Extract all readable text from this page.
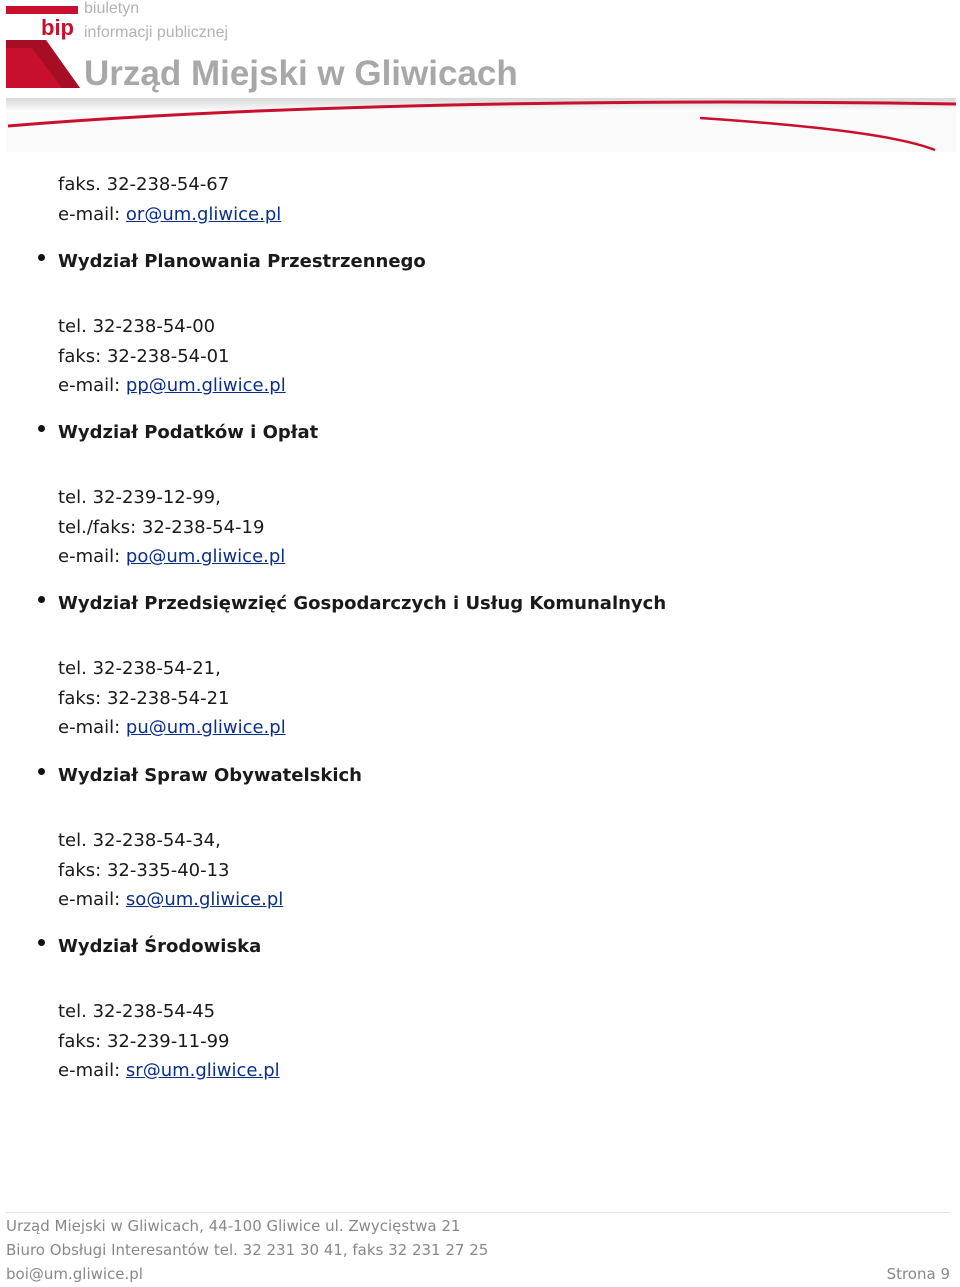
bip
biuletyn
informacji publicznej
Urząd Miejski w Gliwicach
faks. 32-238-54-67
e-mail: or@um.gliwice.pl
Wydział Planowania Przestrzennego
tel. 32-238-54-00
faks: 32-238-54-01
e-mail: pp@um.gliwice.pl
Wydział Podatków i Opłat
tel. 32-239-12-99,
tel./faks: 32-238-54-19
e-mail: po@um.gliwice.pl
Wydział Przedsięwzięć Gospodarczych i Usług Komunalnych
tel. 32-238-54-21,
faks: 32-238-54-21
e-mail: pu@um.gliwice.pl
Wydział Spraw Obywatelskich
tel. 32-238-54-34,
faks: 32-335-40-13
e-mail: so@um.gliwice.pl
Wydział Środowiska
tel. 32-238-54-45
faks: 32-239-11-99
e-mail: sr@um.gliwice.pl
Urząd Miejski w Gliwicach, 44-100 Gliwice ul. Zwycięstwa 21
Biuro Obsługi Interesantów tel. 32 231 30 41, faks 32 231 27 25
boi@um.gliwice.pl	Strona 9
